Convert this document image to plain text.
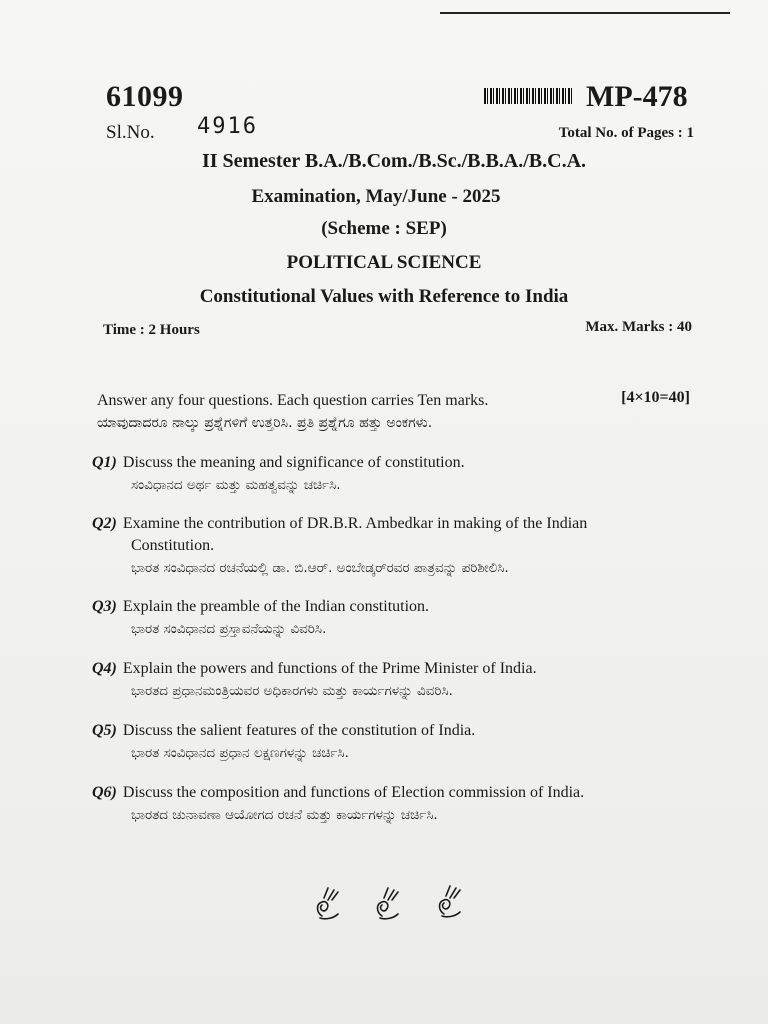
61099	MP-478
Sl.No. 4916	Total No. of Pages : 1
II Semester B.A./B.Com./B.Sc./B.B.A./B.C.A.
Examination, May/June - 2025
(Scheme : SEP)
POLITICAL SCIENCE
Constitutional Values with Reference to India
Time : 2 Hours	Max. Marks : 40
Answer any four questions. Each question carries Ten marks.	[4×10=40]
ಯಾವುದಾದರೂ ನಾಲ್ಕು ಪ್ರಶ್ನೆಗಳಿಗೆ ಉತ್ತರಿಸಿ. ಪ್ರತಿ ಪ್ರಶ್ನೆಗೂ ಹತ್ತು ಅಂಕಗಳು.
Q1) Discuss the meaning and significance of constitution.
ಸಂವಿಧಾನದ ಅರ್ಥ ಮತ್ತು ಮಹತ್ವವನ್ನು ಚರ್ಚಿಸಿ.
Q2) Examine the contribution of DR.B.R. Ambedkar in making of the Indian
Constitution.
ಭಾರತ ಸಂವಿಧಾನದ ರಚನೆಯಲ್ಲಿ ಡಾ. ಬಿ.ಆರ್. ಅಂಬೇಡ್ಕರ್‌ರವರ ಪಾತ್ರವನ್ನು ಪರಿಶೀಲಿಸಿ.
Q3) Explain the preamble of the Indian constitution.
ಭಾರತ ಸಂವಿಧಾನದ ಪ್ರಸ್ತಾವನೆಯನ್ನು ವಿವರಿಸಿ.
Q4) Explain the powers and functions of the Prime Minister of India.
ಭಾರತದ ಪ್ರಧಾನಮಂತ್ರಿಯವರ ಅಧಿಕಾರಗಳು ಮತ್ತು ಕಾರ್ಯಗಳನ್ನು ವಿವರಿಸಿ.
Q5) Discuss the salient features of the constitution of India.
ಭಾರತ ಸಂವಿಧಾನದ ಪ್ರಧಾನ ಲಕ್ಷಣಗಳನ್ನು ಚರ್ಚಿಸಿ.
Q6) Discuss the composition and functions of Election commission of India.
ಭಾರತದ ಚುನಾವಣಾ ಆಯೋಗದ ರಚನೆ ಮತ್ತು ಕಾರ್ಯಗಳನ್ನು ಚರ್ಚಿಸಿ.
